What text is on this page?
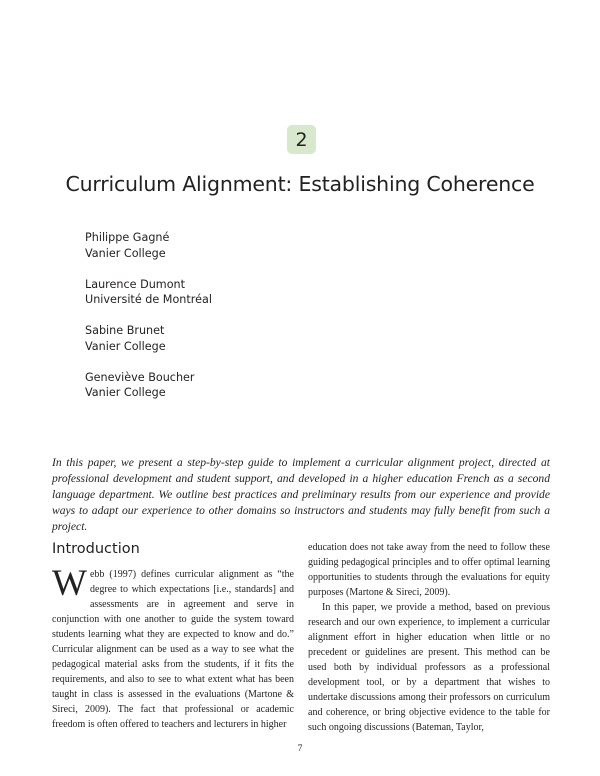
2
Curriculum Alignment: Establishing Coherence
Philippe Gagné
Vanier College
Laurence Dumont
Université de Montréal
Sabine Brunet
Vanier College
Geneviève Boucher
Vanier College
In this paper, we present a step-by-step guide to implement a curricular alignment project, directed at professional development and student support, and developed in a higher education French as a second language department. We outline best practices and preliminary results from our experience and provide ways to adapt our experience to other domains so instructors and students may fully benefit from such a project.
Introduction

Webb (1997) defines curricular alignment as “the degree to which expectations [i.e., standards] and assessments are in agreement and serve in conjunction with one another to guide the system toward students learning what they are expected to know and do.” Curricular alignment can be used as a way to see what the pedagogical material asks from the students, if it fits the requirements, and also to see to what extent what has been taught in class is assessed in the evaluations (Martone & Sireci, 2009). The fact that professional or academic freedom is often offered to teachers and lecturers in higher

education does not take away from the need to follow these guiding pedagogical principles and to offer optimal learning opportunities to students through the evaluations for equity purposes (Martone & Sireci, 2009).

In this paper, we provide a method, based on previous research and our own experience, to implement a curricular alignment effort in higher education when little or no precedent or guidelines are present. This method can be used both by individual professors as a professional development tool, or by a department that wishes to undertake discussions among their professors on curriculum and coherence, or bring objective evidence to the table for such ongoing discussions (Bateman, Taylor,

7
